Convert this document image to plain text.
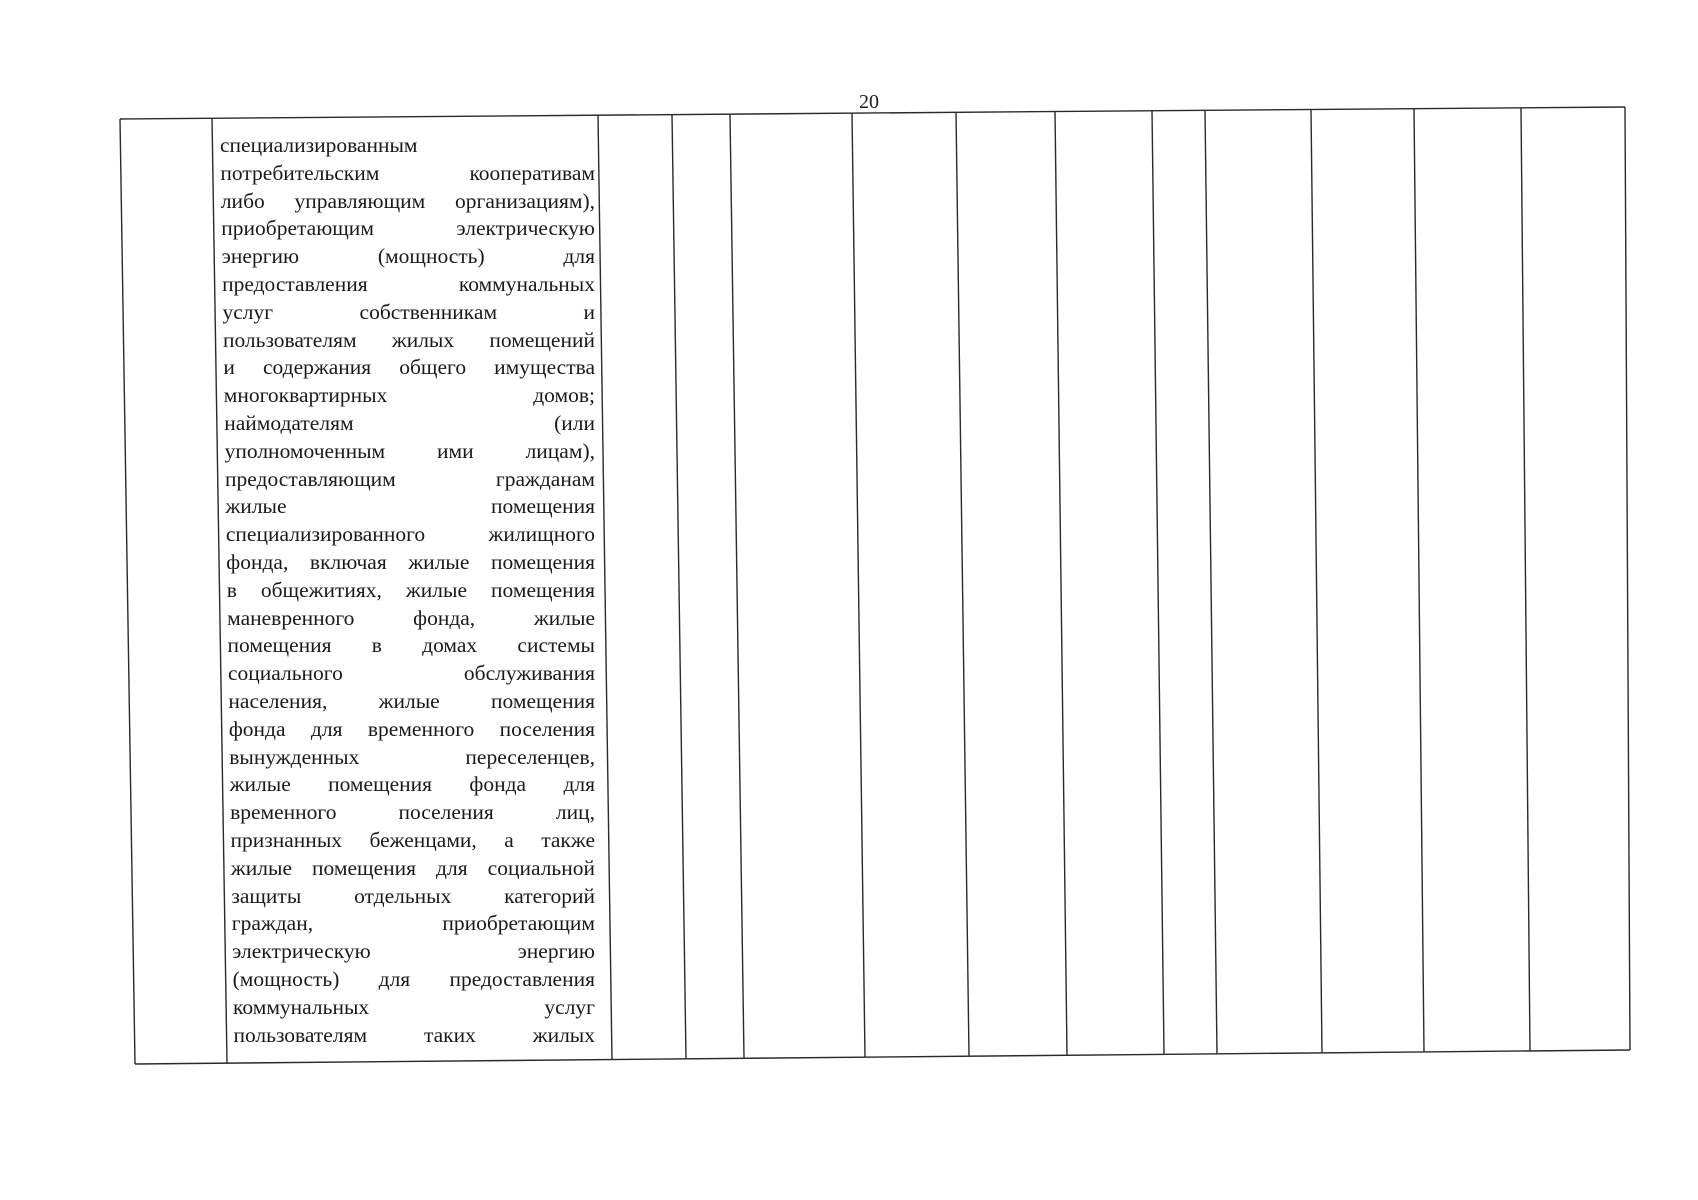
20
специализированным
потребительским кооперативам
либо управляющим организациям),
приобретающим электрическую
энергию (мощность) для
предоставления коммунальных
услуг собственникам и
пользователям жилых помещений
и содержания общего имущества
многоквартирных домов;
наймодателям (или
уполномоченным ими лицам),
предоставляющим гражданам
жилые помещения
специализированного жилищного
фонда, включая жилые помещения
в общежитиях, жилые помещения
маневренного фонда, жилые
помещения в домах системы
социального обслуживания
населения, жилые помещения
фонда для временного поселения
вынужденных переселенцев,
жилые помещения фонда для
временного поселения лиц,
признанных беженцами, а также
жилые помещения для социальной
защиты отдельных категорий
граждан, приобретающим
электрическую энергию
(мощность) для предоставления
коммунальных услуг
пользователям таких жилых
